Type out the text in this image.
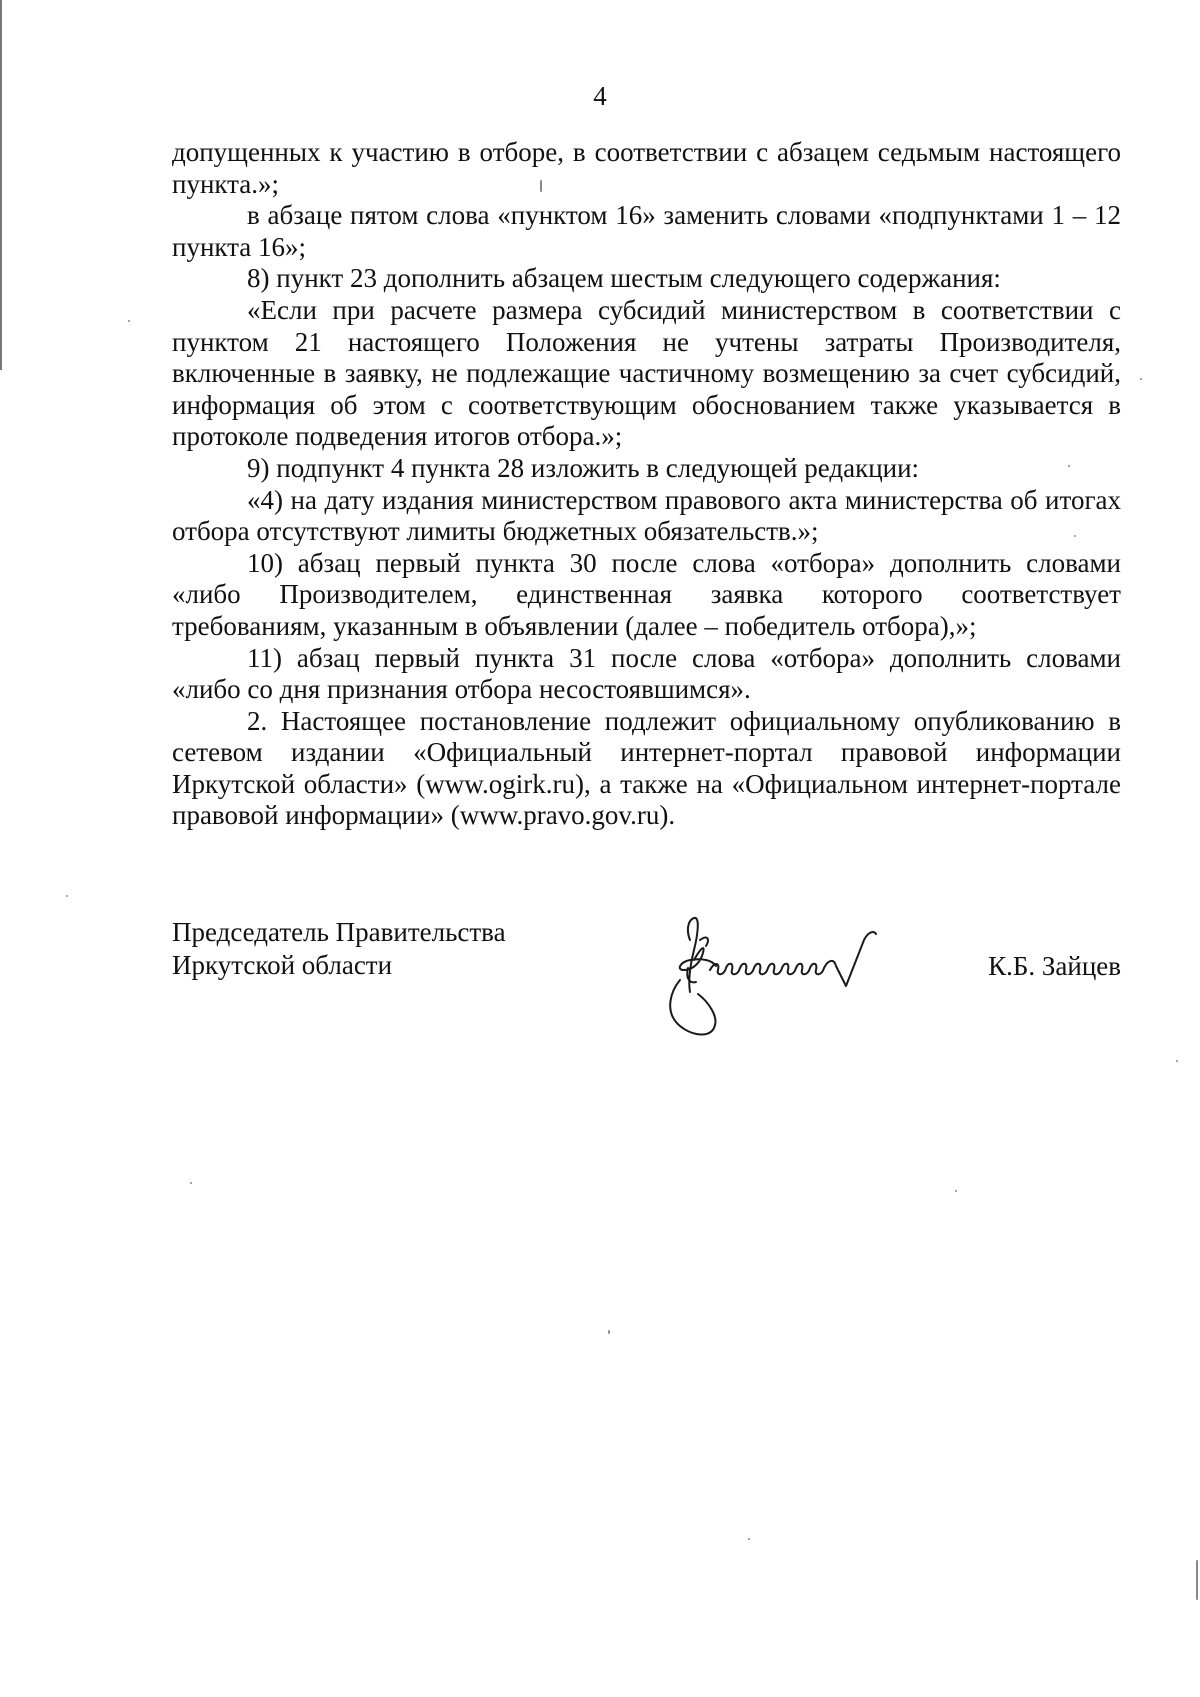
4

допущенных к участию в отборе, в соответствии с абзацем седьмым настоящего пункта.»;

в абзаце пятом слова «пунктом 16» заменить словами «подпунктами 1 – 12 пункта 16»;

8) пункт 23 дополнить абзацем шестым следующего содержания:

«Если при расчете размера субсидий министерством в соответствии с пунктом 21 настоящего Положения не учтены затраты Производителя, включенные в заявку, не подлежащие частичному возмещению за счет субсидий, информация об этом с соответствующим обоснованием также указывается в протоколе подведения итогов отбора.»;

9) подпункт 4 пункта 28 изложить в следующей редакции:

«4) на дату издания министерством правового акта министерства об итогах отбора отсутствуют лимиты бюджетных обязательств.»;

10) абзац первый пункта 30 после слова «отбора» дополнить словами «либо Производителем, единственная заявка которого соответствует требованиям, указанным в объявлении (далее – победитель отбора),»;

11) абзац первый пункта 31 после слова «отбора» дополнить словами «либо со дня признания отбора несостоявшимся».

2. Настоящее постановление подлежит официальному опубликованию в сетевом издании «Официальный интернет-портал правовой информации Иркутской области» (www.ogirk.ru), а также на «Официальном интернет-портале правовой информации» (www.pravo.gov.ru).

Председатель Правительства
Иркутской области	К.Б. Зайцев
